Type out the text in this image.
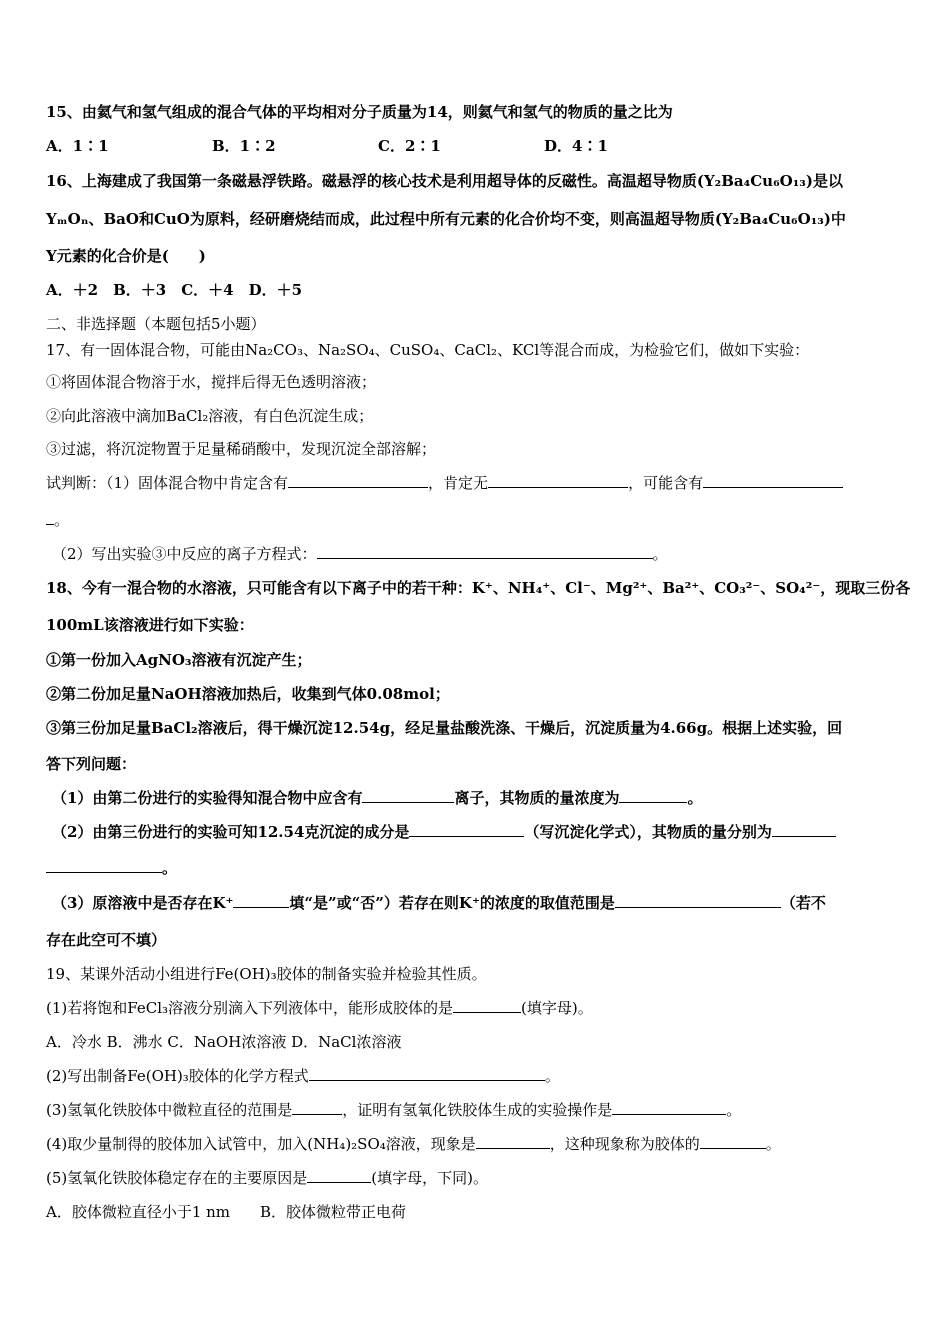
15、由氦气和氢气组成的混合气体的平均相对分子质量为14，则氦气和氢气的物质的量之比为
A．1∶1	B．1∶2	C．2∶1	D．4∶1
16、上海建成了我国第一条磁悬浮铁路。磁悬浮的核心技术是利用超导体的反磁性。高温超导物质(Y₂Ba₄Cu₆O₁₃)是以
YₘOₙ、BaO和CuO为原料，经研磨烧结而成，此过程中所有元素的化合价均不变，则高温超导物质(Y₂Ba₄Cu₆O₁₃)中
Y元素的化合价是(　　)
A．＋2　B．＋3　C．＋4　D．＋5
二、非选择题（本题包括5小题）
17、有一固体混合物，可能由Na₂CO₃、Na₂SO₄、CuSO₄、CaCl₂、KCl等混合而成，为检验它们，做如下实验：
①将固体混合物溶于水，搅拌后得无色透明溶液；
②向此溶液中滴加BaCl₂溶液，有白色沉淀生成；
③过滤，将沉淀物置于足量稀硝酸中，发现沉淀全部溶解；
试判断：（1）固体混合物中肯定含有	，肯定无	，可能含有
。
（2）写出实验③中反应的离子方程式：	。
18、今有一混合物的水溶液，只可能含有以下离子中的若干种：K⁺、NH₄⁺、Cl⁻、Mg²⁺、Ba²⁺、CO₃²⁻、SO₄²⁻，现取三份各
100mL该溶液进行如下实验：
①第一份加入AgNO₃溶液有沉淀产生；
②第二份加足量NaOH溶液加热后，收集到气体0.08mol；
③第三份加足量BaCl₂溶液后，得干燥沉淀12.54g，经足量盐酸洗涤、干燥后，沉淀质量为4.66g。根据上述实验，回
答下列问题：
（1）由第二份进行的实验得知混合物中应含有	离子，其物质的量浓度为	。
（2）由第三份进行的实验可知12.54克沉淀的成分是	（写沉淀化学式），其物质的量分别为
。
（3）原溶液中是否存在K⁺	填“是”或“否”）若存在则K⁺的浓度的取值范围是	（若不
存在此空可不填）
19、某课外活动小组进行Fe(OH)₃胶体的制备实验并检验其性质。
(1)若将饱和FeCl₃溶液分别滴入下列液体中，能形成胶体的是	(填字母)。
A．冷水 B．沸水 C．NaOH浓溶液 D．NaCl浓溶液
(2)写出制备Fe(OH)₃胶体的化学方程式	。
(3)氢氧化铁胶体中微粒直径的范围是	，证明有氢氧化铁胶体生成的实验操作是	。
(4)取少量制得的胶体加入试管中，加入(NH₄)₂SO₄溶液，现象是	，这种现象称为胶体的	。
(5)氢氧化铁胶体稳定存在的主要原因是	(填字母，下同)。
A．胶体微粒直径小于1 nm　　B．胶体微粒带正电荷
